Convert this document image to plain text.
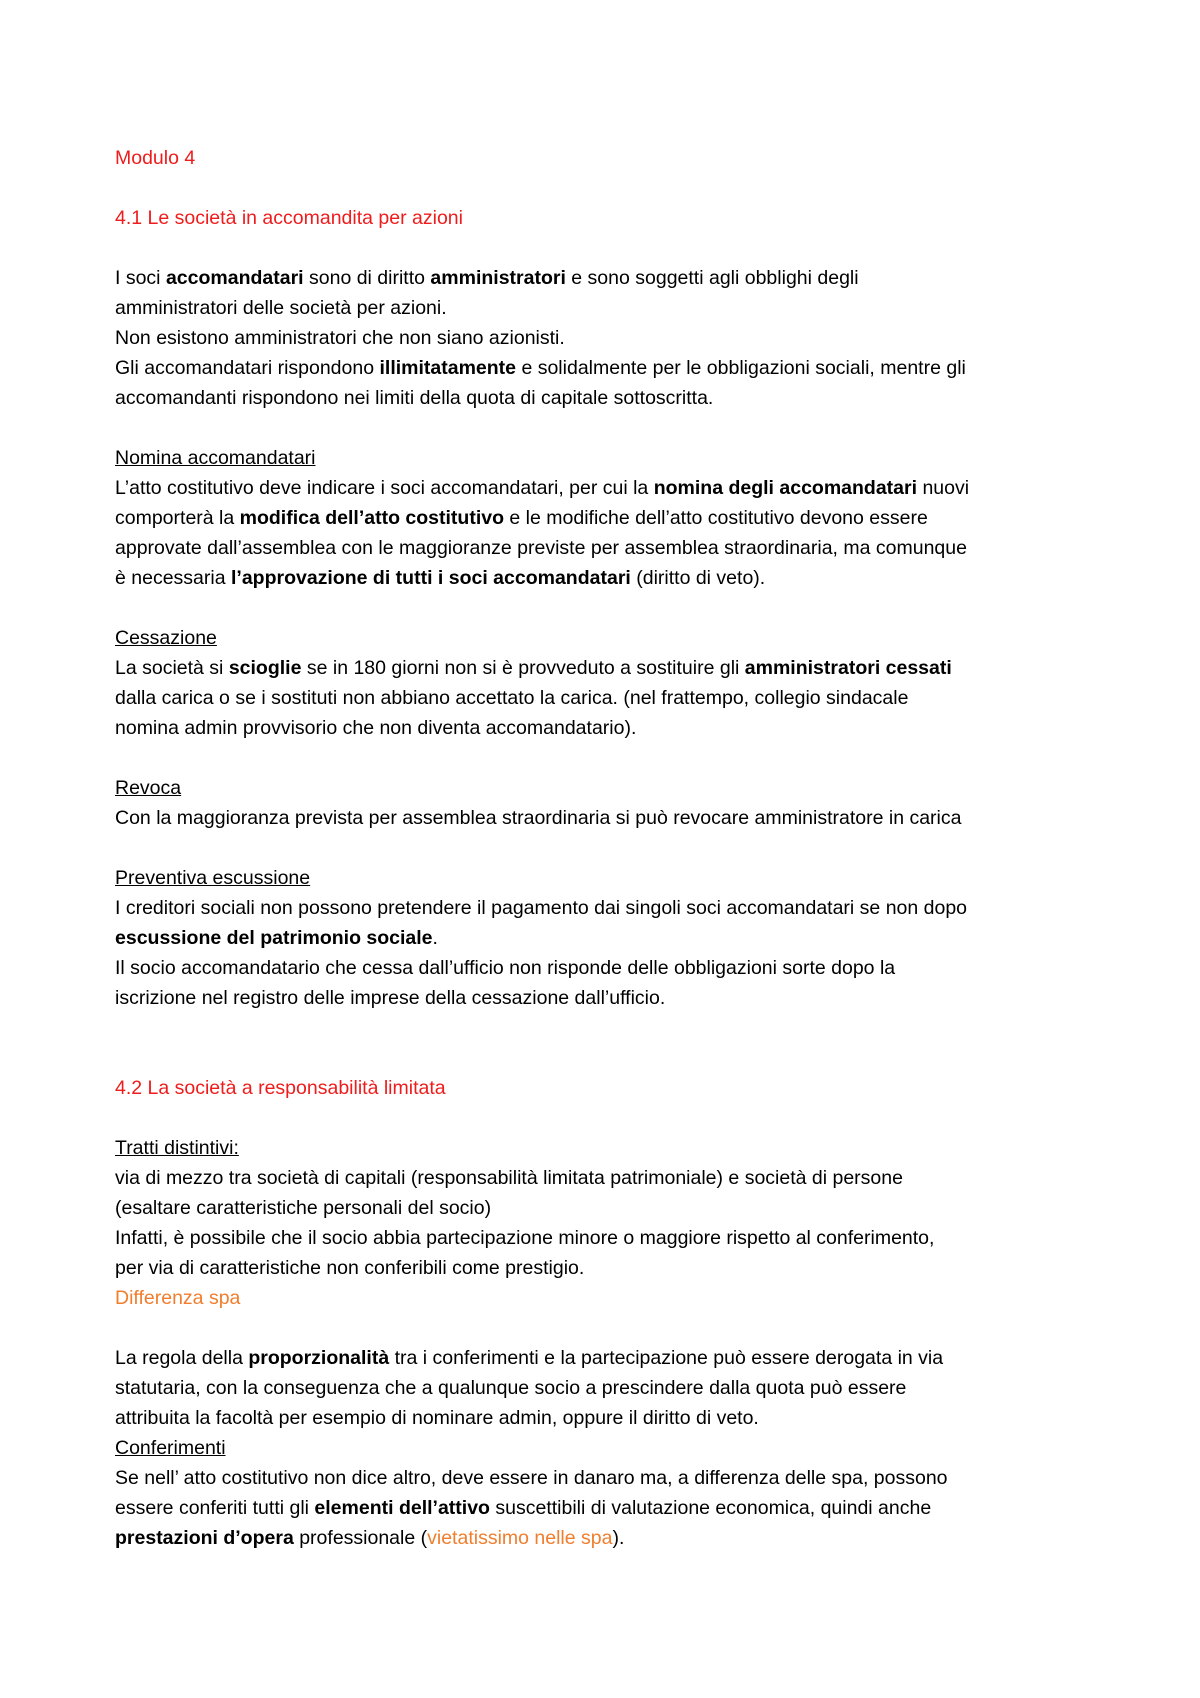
Modulo 4
4.1 Le società in accomandita per azioni
I soci accomandatari sono di diritto amministratori e sono soggetti agli obblighi degli
amministratori delle società per azioni.
Non esistono amministratori che non siano azionisti.
Gli accomandatari rispondono illimitatamente e solidalmente per le obbligazioni sociali, mentre gli
accomandanti rispondono nei limiti della quota di capitale sottoscritta.
Nomina accomandatari
L’atto costitutivo deve indicare i soci accomandatari, per cui la nomina degli accomandatari nuovi
comporterà la modifica dell’atto costitutivo e le modifiche dell’atto costitutivo devono essere
approvate dall’assemblea con le maggioranze previste per assemblea straordinaria, ma comunque
è necessaria l’approvazione di tutti i soci accomandatari (diritto di veto).
Cessazione
La società si scioglie se in 180 giorni non si è provveduto a sostituire gli amministratori cessati
dalla carica o se i sostituti non abbiano accettato la carica. (nel frattempo, collegio sindacale
nomina admin provvisorio che non diventa accomandatario).
Revoca
Con la maggioranza prevista per assemblea straordinaria si può revocare amministratore in carica
Preventiva escussione
I creditori sociali non possono pretendere il pagamento dai singoli soci accomandatari se non dopo
escussione del patrimonio sociale.
Il socio accomandatario che cessa dall’ufficio non risponde delle obbligazioni sorte dopo la
iscrizione nel registro delle imprese della cessazione dall’ufficio.
4.2 La società a responsabilità limitata
Tratti distintivi:
via di mezzo tra società di capitali (responsabilità limitata patrimoniale) e società di persone
(esaltare caratteristiche personali del socio)
Infatti, è possibile che il socio abbia partecipazione minore o maggiore rispetto al conferimento,
per via di caratteristiche non conferibili come prestigio.
Differenza spa
La regola della proporzionalità tra i conferimenti e la partecipazione può essere derogata in via
statutaria, con la conseguenza che a qualunque socio a prescindere dalla quota può essere
attribuita la facoltà per esempio di nominare admin, oppure il diritto di veto.
Conferimenti
Se nell’ atto costitutivo non dice altro, deve essere in danaro ma, a differenza delle spa, possono
essere conferiti tutti gli elementi dell’attivo suscettibili di valutazione economica, quindi anche
prestazioni d’opera professionale (vietatissimo nelle spa).
